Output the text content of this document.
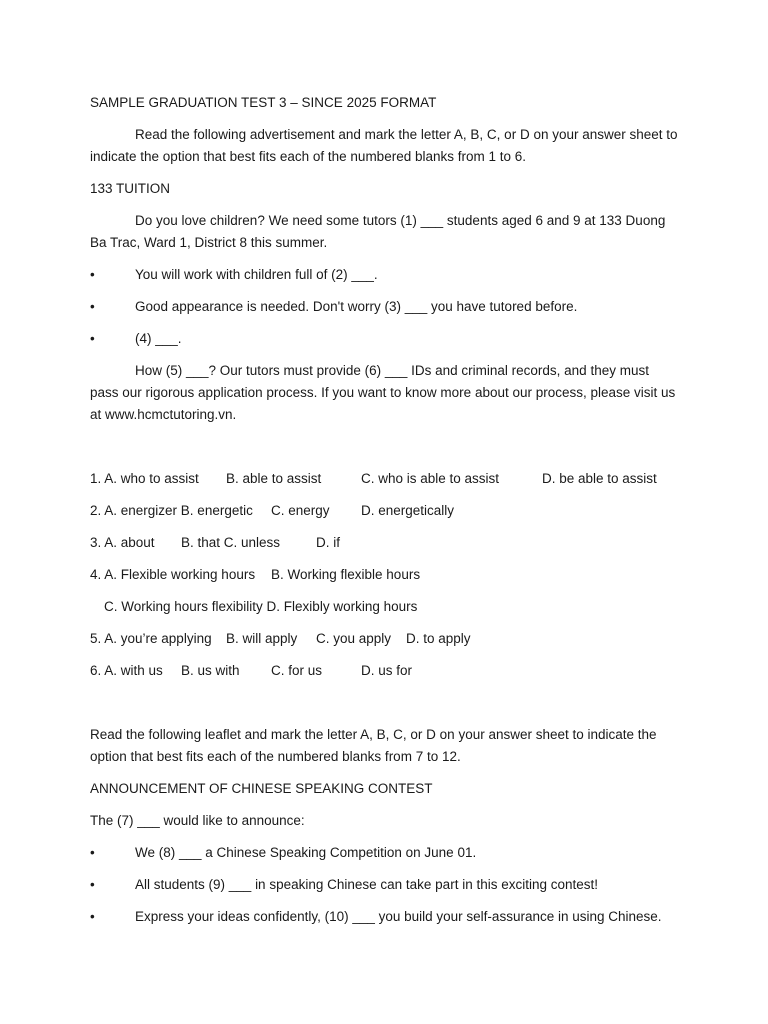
SAMPLE GRADUATION TEST 3 – SINCE 2025 FORMAT
Read the following advertisement and mark the letter A, B, C, or D on your answer sheet to indicate the option that best fits each of the numbered blanks from 1 to 6.
133 TUITION
Do you love children? We need some tutors (1) ___ students aged 6 and 9 at 133 Duong Ba Trac, Ward 1, District 8 this summer.
•	You will work with children full of (2) ___.
•	Good appearance is needed. Don't worry (3) ___ you have tutored before.
•	(4) ___.
How (5) ___? Our tutors must provide (6) ___ IDs and criminal records, and they must pass our rigorous application process. If you want to know more about our process, please visit us at www.hcmctutoring.vn.
1. A. who to assist B. able to assist	C. who is able to assist	D. be able to assist
2. A. energizer B. energetic C. energy D. energetically
3. A. about B. that C. unless	D. if
4. A. Flexible working hours B. Working flexible hours
C. Working hours flexibility D. Flexibly working hours
5. A. you’re applying B. will apply C. you apply D. to apply
6. A. with us B. us with C. for us	D. us for
Read the following leaflet and mark the letter A, B, C, or D on your answer sheet to indicate the option that best fits each of the numbered blanks from 7 to 12.
ANNOUNCEMENT OF CHINESE SPEAKING CONTEST
The (7) ___ would like to announce:
•	We (8) ___ a Chinese Speaking Competition on June 01.
•	All students (9) ___ in speaking Chinese can take part in this exciting contest!
•	Express your ideas confidently, (10) ___ you build your self-assurance in using Chinese.
